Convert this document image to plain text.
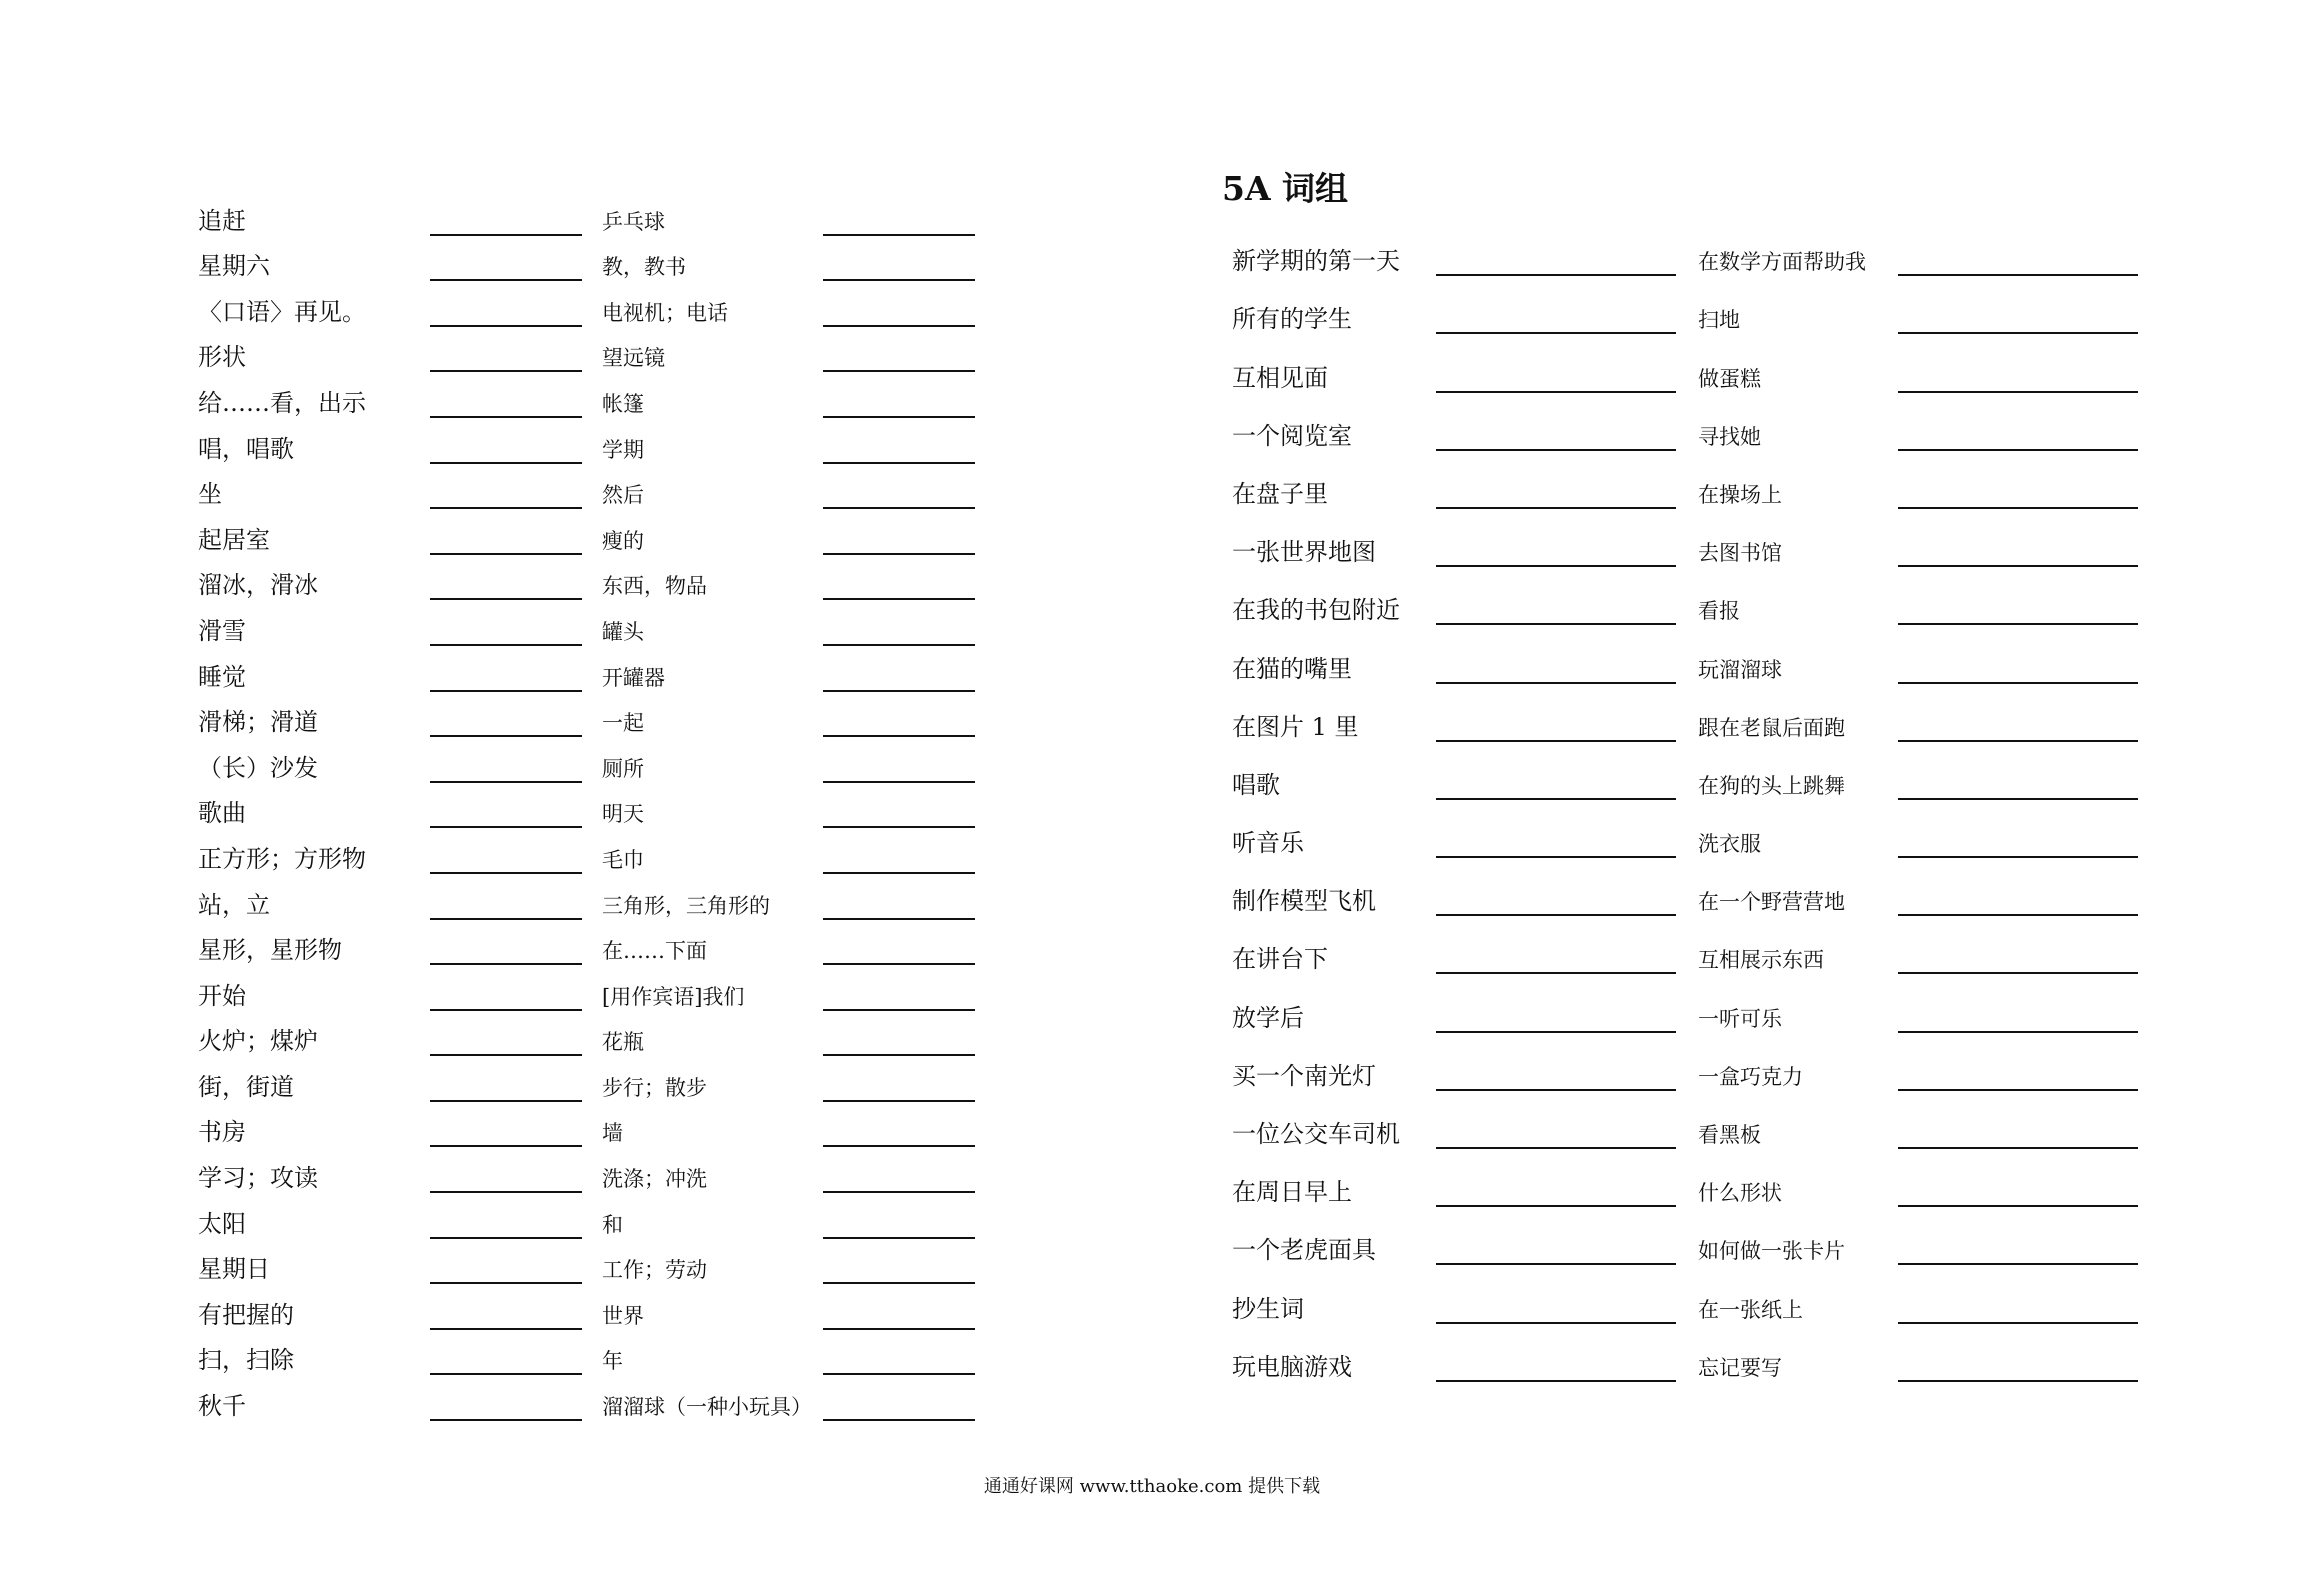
追赶
星期六
〈口语〉再见。
形状
给……看，出示
唱，唱歌
坐
起居室
溜冰，滑冰
滑雪
睡觉
滑梯；滑道
（长）沙发
歌曲
正方形；方形物
站，立
星形，星形物
开始
火炉；煤炉
街，街道
书房
学习；攻读
太阳
星期日
有把握的
扫，扫除
秋千
乒乓球
教，教书
电视机；电话
望远镜
帐篷
学期
然后
瘦的
东西，物品
罐头
开罐器
一起
厕所
明天
毛巾
三角形，三角形的
在……下面
[用作宾语]我们
花瓶
步行；散步
墙
洗涤；冲洗
和
工作；劳动
世界
年
溜溜球（一种小玩具）
5A 词组
新学期的第一天
所有的学生
互相见面
一个阅览室
在盘子里
一张世界地图
在我的书包附近
在猫的嘴里
在图片 1 里
唱歌
听音乐
制作模型飞机
在讲台下
放学后
买一个南光灯
一位公交车司机
在周日早上
一个老虎面具
抄生词
玩电脑游戏
在数学方面帮助我
扫地
做蛋糕
寻找她
在操场上
去图书馆
看报
玩溜溜球
跟在老鼠后面跑
在狗的头上跳舞
洗衣服
在一个野营营地
互相展示东西
一听可乐
一盒巧克力
看黑板
什么形状
如何做一张卡片
在一张纸上
忘记要写
通通好课网 www.tthaoke.com 提供下载
